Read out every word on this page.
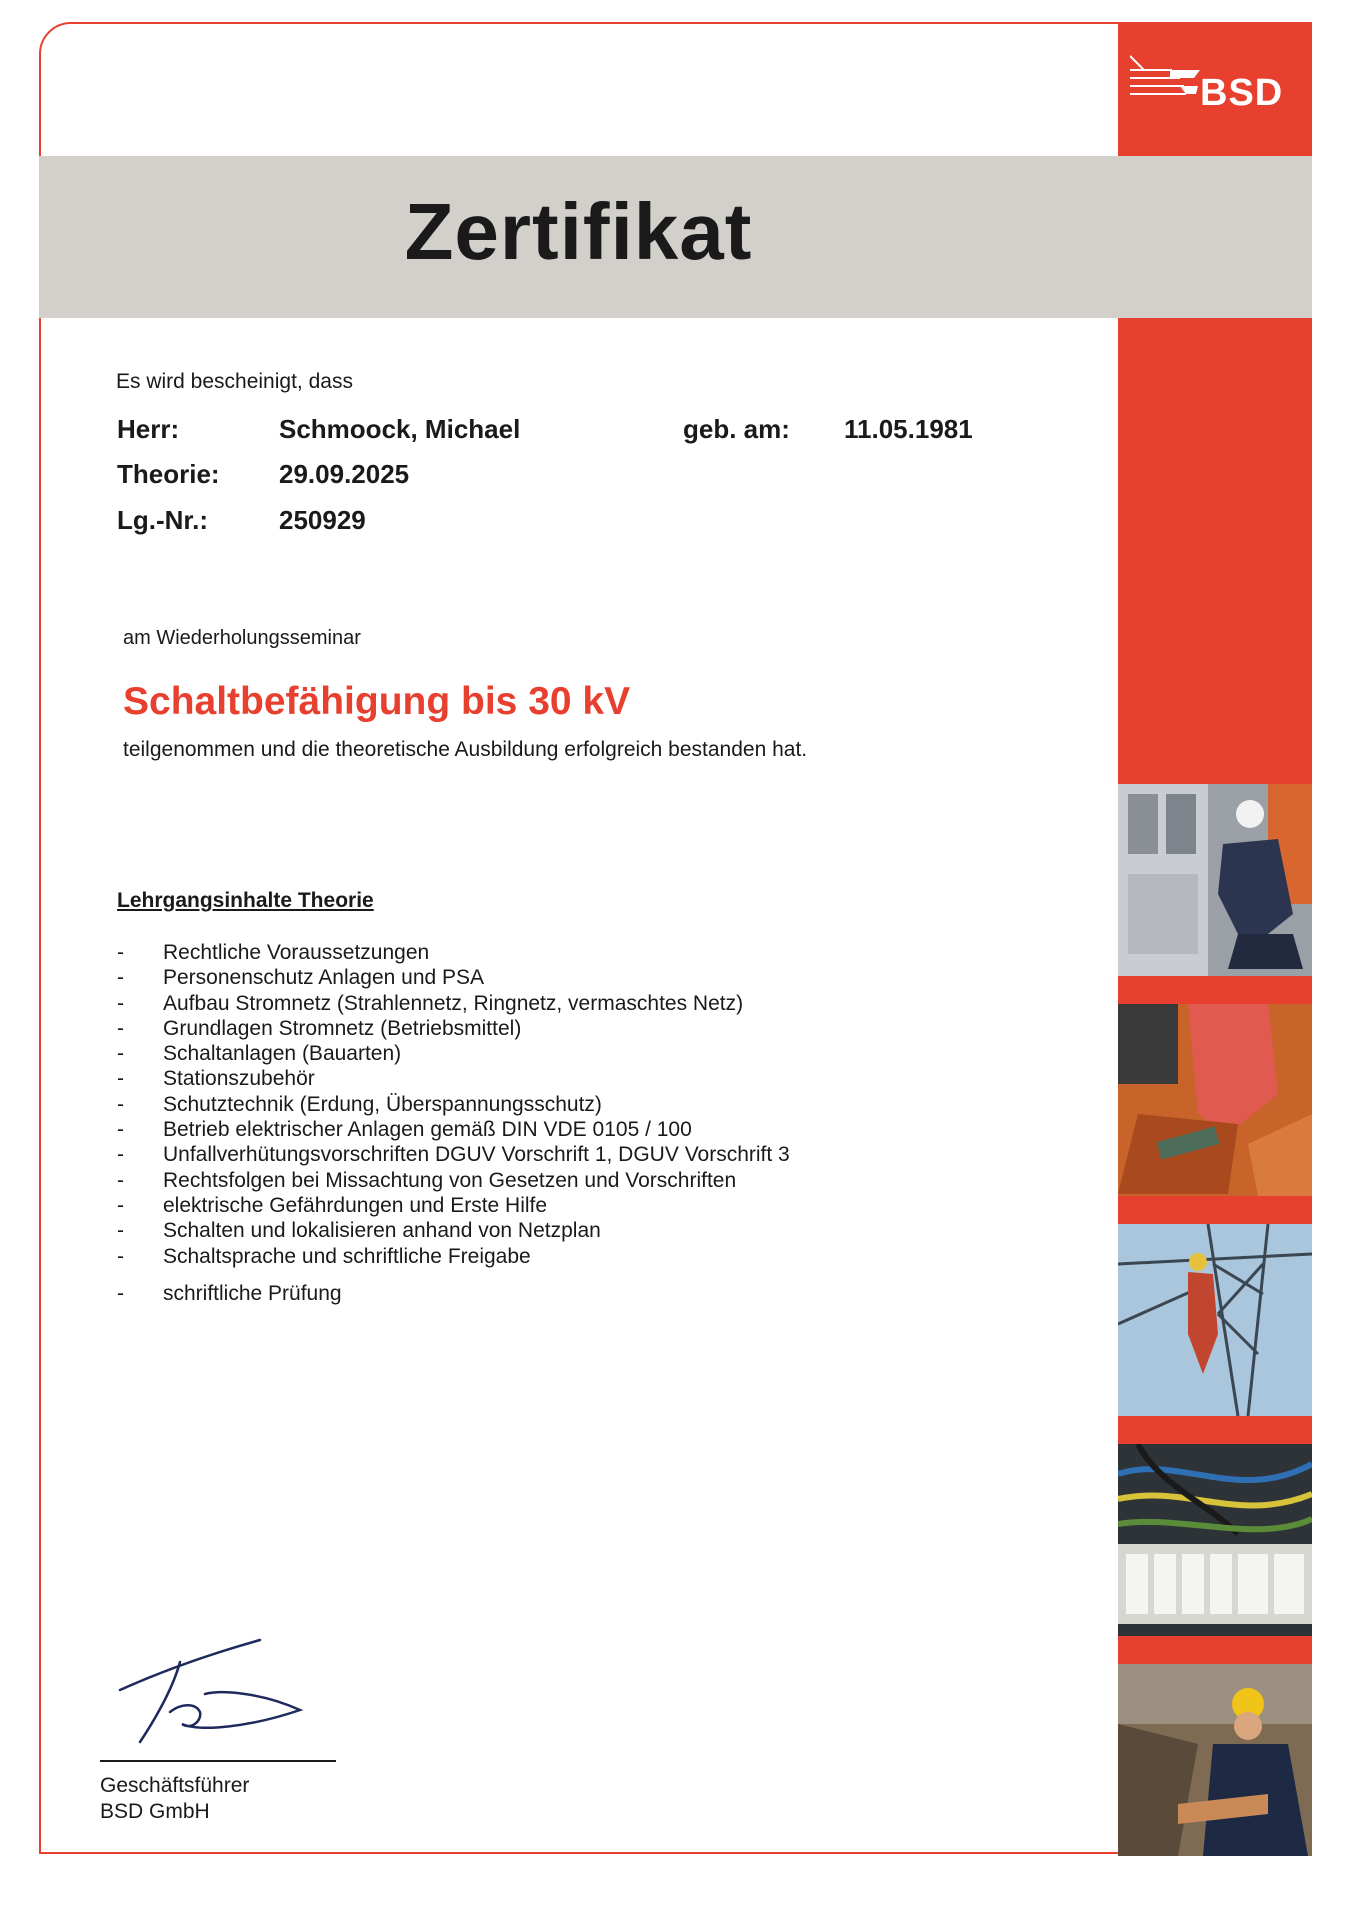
BSD
Zertifikat
Es wird bescheinigt, dass
Herr:	Schmoock, Michael	geb. am: 11.05.1981
Theorie: 29.09.2025
Lg.-Nr.:	250929
am Wiederholungsseminar
Schaltbefähigung bis 30 kV
teilgenommen und die theoretische Ausbildung erfolgreich bestanden hat.
Lehrgangsinhalte Theorie
-	Rechtliche Voraussetzungen
-	Personenschutz Anlagen und PSA
-	Aufbau Stromnetz (Strahlennetz, Ringnetz, vermaschtes Netz)
-	Grundlagen Stromnetz (Betriebsmittel)
-	Schaltanlagen (Bauarten)
-	Stationszubehör
-	Schutztechnik (Erdung, Überspannungsschutz)
-	Betrieb elektrischer Anlagen gemäß DIN VDE 0105 / 100
-	Unfallverhütungsvorschriften DGUV Vorschrift 1, DGUV Vorschrift 3
-	Rechtsfolgen bei Missachtung von Gesetzen und Vorschriften
-	elektrische Gefährdungen und Erste Hilfe
-	Schalten und lokalisieren anhand von Netzplan
-	Schaltsprache und schriftliche Freigabe
-	schriftliche Prüfung
Geschäftsführer
BSD GmbH
